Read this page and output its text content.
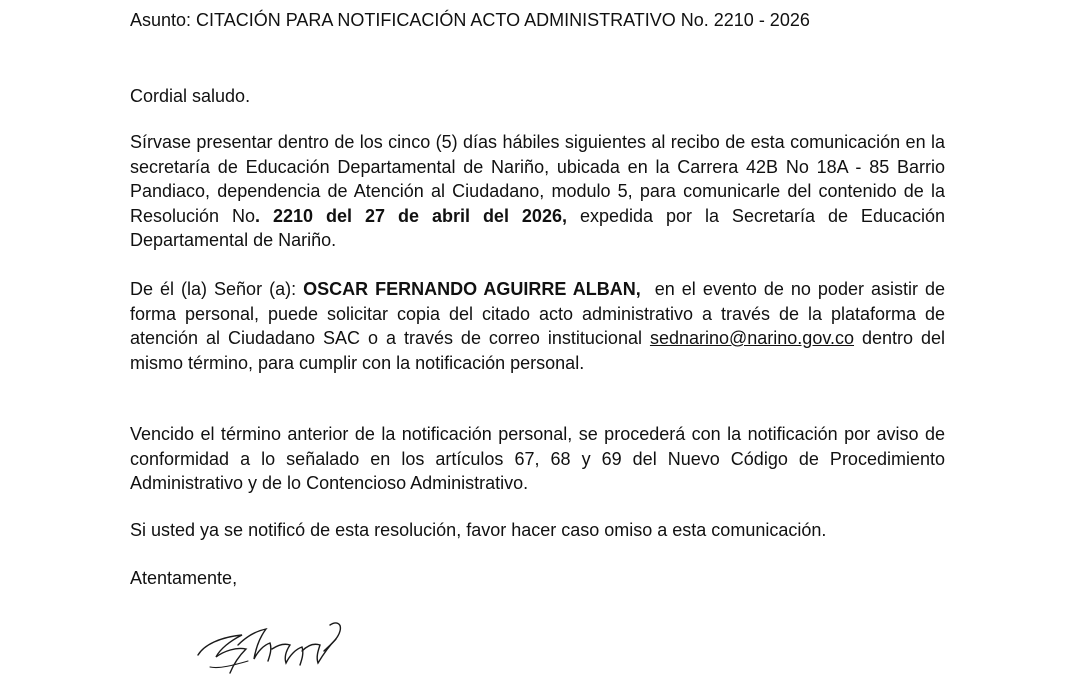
Asunto: CITACIÓN PARA NOTIFICACIÓN ACTO ADMINISTRATIVO No. 2210 - 2026

Cordial saludo.

Sírvase presentar dentro de los cinco (5) días hábiles siguientes al recibo de esta comunicación en la secretaría de Educación Departamental de Nariño, ubicada en la Carrera 42B No 18A - 85 Barrio Pandiaco, dependencia de Atención al Ciudadano, modulo 5, para comunicarle del contenido de la Resolución No. 2210 del 27 de abril del 2026, expedida por la Secretaría de Educación Departamental de Nariño.

De él (la) Señor (a): OSCAR FERNANDO AGUIRRE ALBAN,  en el evento de no poder asistir de forma personal, puede solicitar copia del citado acto administrativo a través de la plataforma de atención al Ciudadano SAC o a través de correo institucional sednarino@narino.gov.co dentro del mismo término, para cumplir con la notificación personal.

Vencido el término anterior de la notificación personal, se procederá con la notificación por aviso de conformidad a lo señalado en los artículos 67, 68 y 69 del Nuevo Código de Procedimiento Administrativo y de lo Contencioso Administrativo.

Si usted ya se notificó de esta resolución, favor hacer caso omiso a esta comunicación.

Atentamente,
